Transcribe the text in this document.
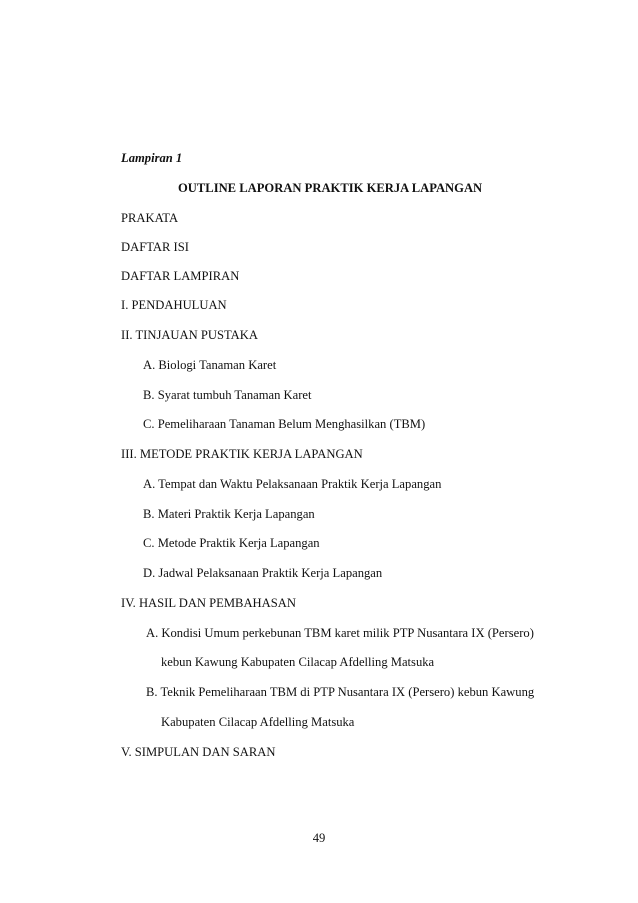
Lampiran 1
OUTLINE LAPORAN PRAKTIK KERJA LAPANGAN
PRAKATA
DAFTAR ISI
DAFTAR LAMPIRAN
I. PENDAHULUAN
II. TINJAUAN PUSTAKA
A. Biologi Tanaman Karet
B. Syarat tumbuh Tanaman Karet
C. Pemeliharaan Tanaman Belum Menghasilkan (TBM)
III. METODE PRAKTIK KERJA LAPANGAN
A. Tempat dan Waktu Pelaksanaan Praktik Kerja Lapangan
B. Materi Praktik Kerja Lapangan
C. Metode Praktik Kerja Lapangan
D. Jadwal Pelaksanaan Praktik Kerja Lapangan
IV. HASIL DAN PEMBAHASAN
A. Kondisi Umum perkebunan TBM karet milik PTP Nusantara IX (Persero)
kebun Kawung Kabupaten Cilacap Afdelling Matsuka
B. Teknik Pemeliharaan TBM di PTP Nusantara IX (Persero) kebun Kawung
Kabupaten Cilacap Afdelling Matsuka
V. SIMPULAN DAN SARAN
49
